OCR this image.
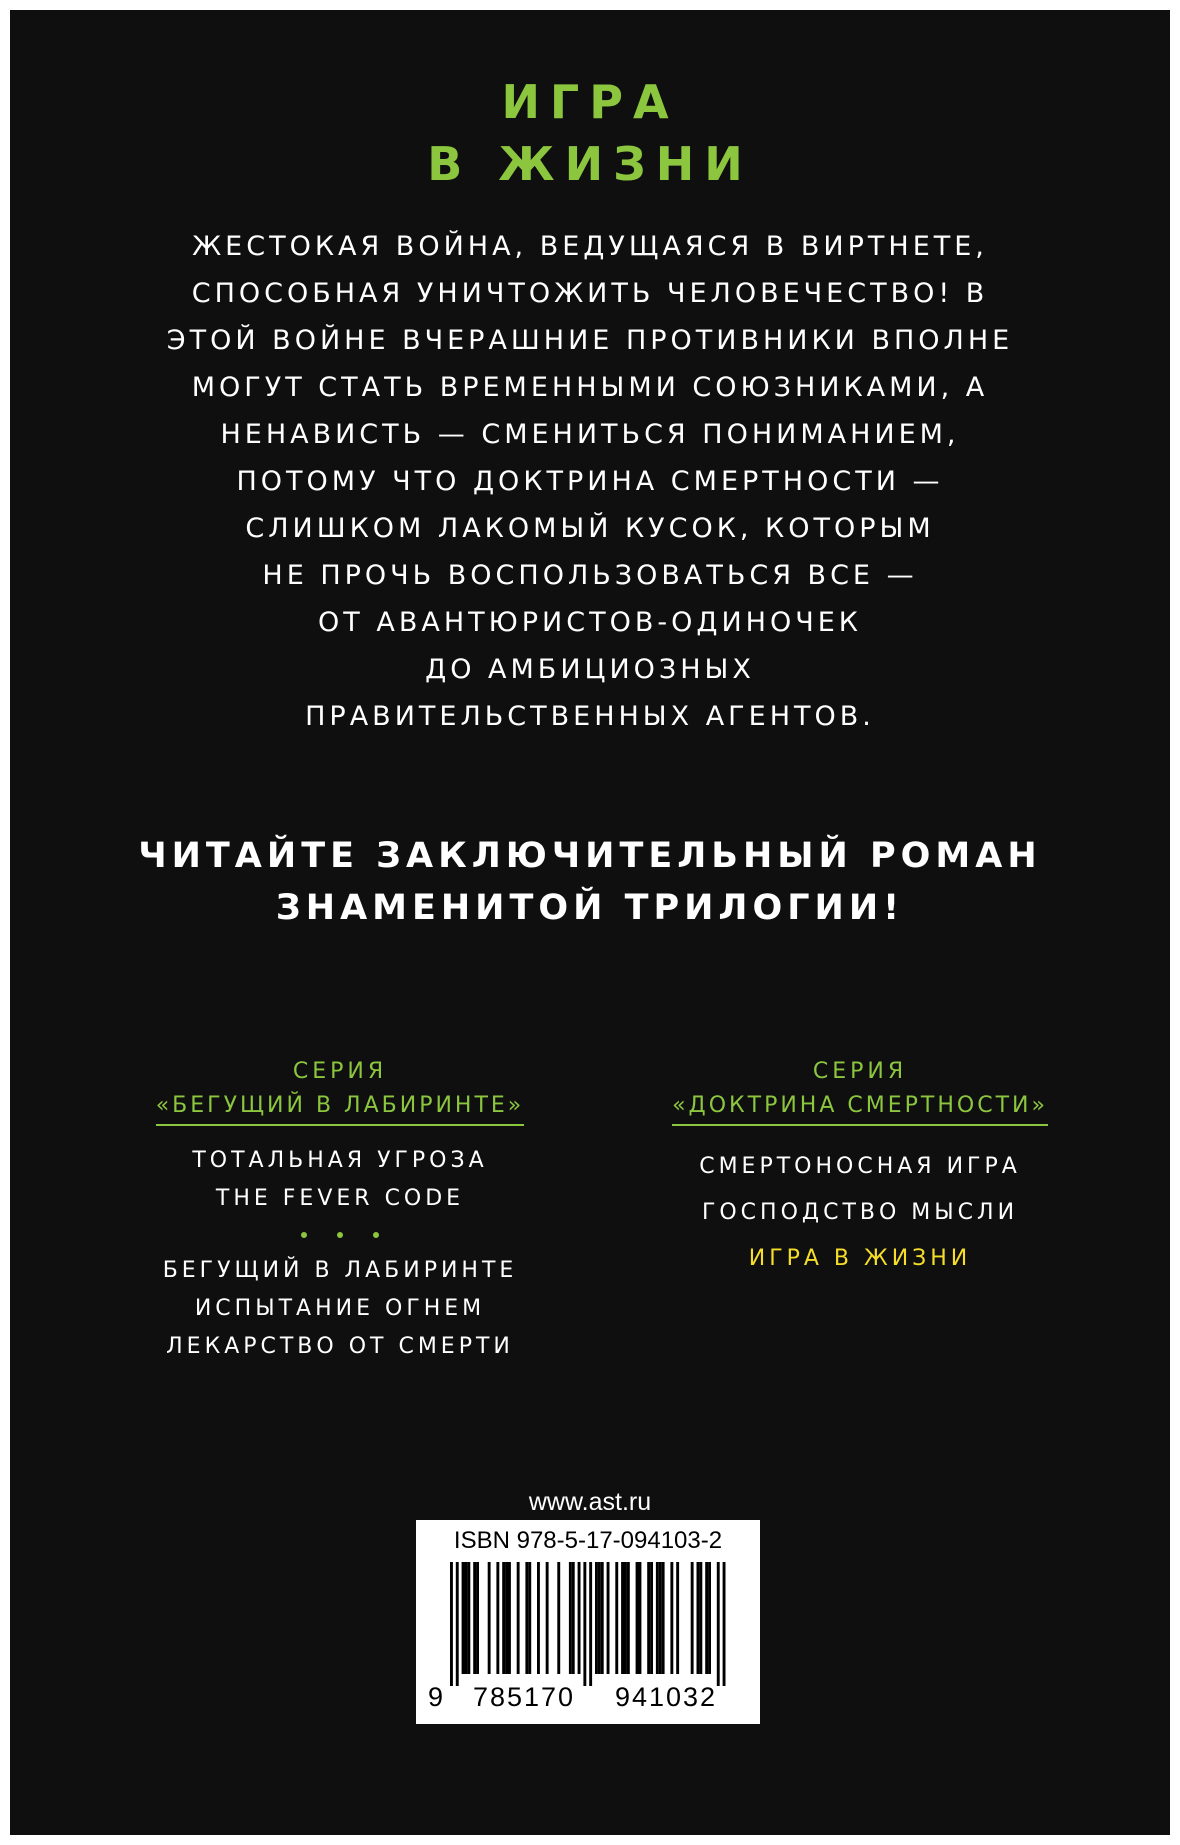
ИГРА
В ЖИЗНИ
ЖЕСТОКАЯ ВОЙНА, ВЕДУЩАЯСЯ В ВИРТНЕТЕ,
СПОСОБНАЯ УНИЧТОЖИТЬ ЧЕЛОВЕЧЕСТВО! В
ЭТОЙ ВОЙНЕ ВЧЕРАШНИЕ ПРОТИВНИКИ ВПОЛНЕ
МОГУТ СТАТЬ ВРЕМЕННЫМИ СОЮЗНИКАМИ, А
НЕНАВИСТЬ — СМЕНИТЬСЯ ПОНИМАНИЕМ,
ПОТОМУ ЧТО ДОКТРИНА СМЕРТНОСТИ —
СЛИШКОМ ЛАКОМЫЙ КУСОК, КОТОРЫМ
НЕ ПРОЧЬ ВОСПОЛЬЗОВАТЬСЯ ВСЕ —
ОТ АВАНТЮРИСТОВ-ОДИНОЧЕК
ДО АМБИЦИОЗНЫХ
ПРАВИТЕЛЬСТВЕННЫХ АГЕНТОВ.
ЧИТАЙТЕ ЗАКЛЮЧИТЕЛЬНЫЙ РОМАН
ЗНАМЕНИТОЙ ТРИЛОГИИ!
СЕРИЯ
«БЕГУЩИЙ В ЛАБИРИНТЕ»
ТОТАЛЬНАЯ УГРОЗА
THE FEVER CODE
БЕГУЩИЙ В ЛАБИРИНТЕ
ИСПЫТАНИЕ ОГНЕМ
ЛЕКАРСТВО ОТ СМЕРТИ
СЕРИЯ
«ДОКТРИНА СМЕРТНОСТИ»
СМЕРТОНОСНАЯ ИГРА
ГОСПОДСТВО МЫСЛИ
ИГРА В ЖИЗНИ
www.ast.ru
ISBN 978-5-17-094103-2
9	785170	941032
